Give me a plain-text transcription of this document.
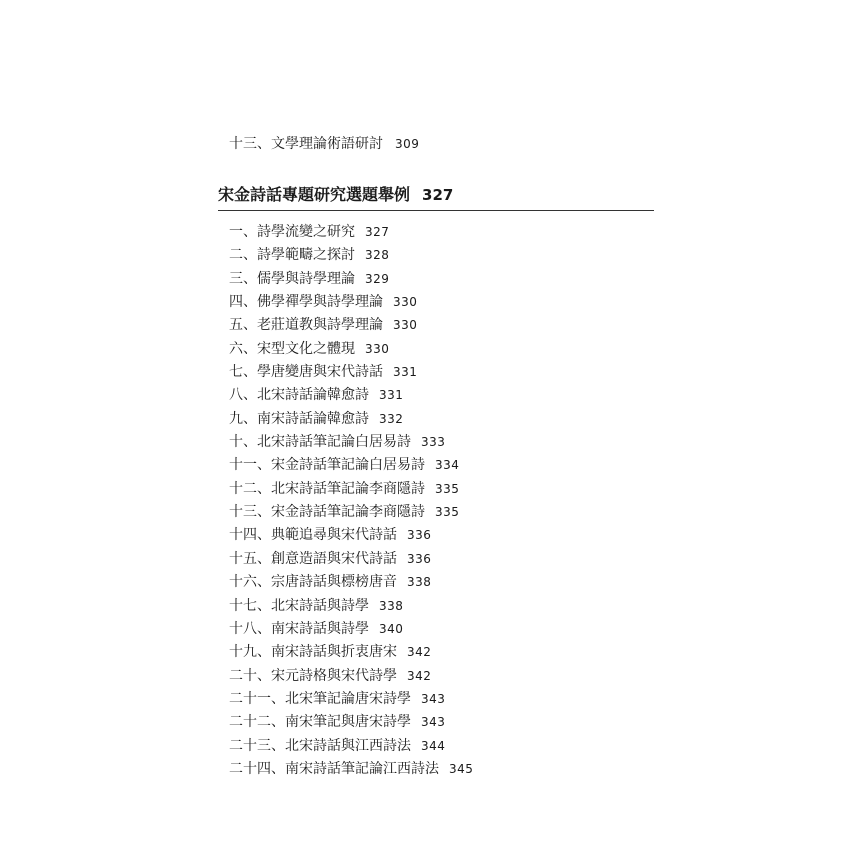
十三、文學理論術語研討 309
宋金詩話專題研究選題舉例 327
一、詩學流變之研究 327
二、詩學範疇之探討 328
三、儒學與詩學理論 329
四、佛學禪學與詩學理論 330
五、老莊道教與詩學理論 330
六、宋型文化之體現 330
七、學唐變唐與宋代詩話 331
八、北宋詩話論韓愈詩 331
九、南宋詩話論韓愈詩 332
十、北宋詩話筆記論白居易詩 333
十一、宋金詩話筆記論白居易詩 334
十二、北宋詩話筆記論李商隱詩 335
十三、宋金詩話筆記論李商隱詩 335
十四、典範追尋與宋代詩話 336
十五、創意造語與宋代詩話 336
十六、宗唐詩話與標榜唐音 338
十七、北宋詩話與詩學 338
十八、南宋詩話與詩學 340
十九、南宋詩話與折衷唐宋 342
二十、宋元詩格與宋代詩學 342
二十一、北宋筆記論唐宋詩學 343
二十二、南宋筆記與唐宋詩學 343
二十三、北宋詩話與江西詩法 344
二十四、南宋詩話筆記論江西詩法 345
